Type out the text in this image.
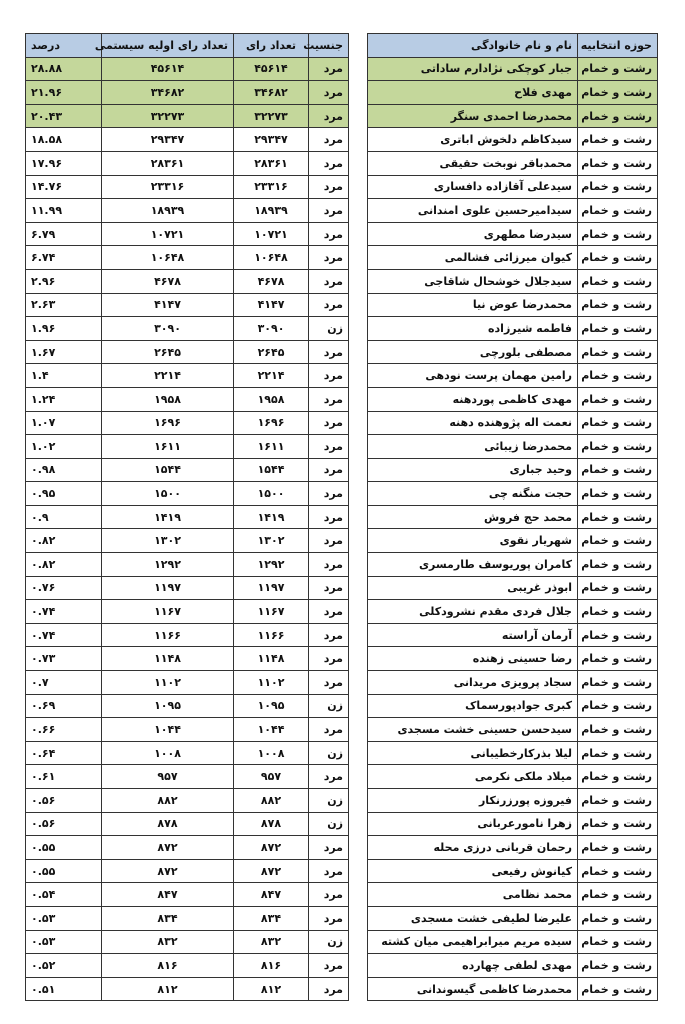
درصد	تعداد رای اولیه سیستمی	تعداد رای	جنسیت
۲۸.۸۸	۴۵۶۱۴	۴۵۶۱۴	مرد
۲۱.۹۶	۳۴۶۸۲	۳۴۶۸۲	مرد
۲۰.۴۳	۳۲۲۷۳	۳۲۲۷۳	مرد
۱۸.۵۸	۲۹۳۴۷	۲۹۳۴۷	مرد
۱۷.۹۶	۲۸۳۶۱	۲۸۳۶۱	مرد
۱۴.۷۶	۲۳۳۱۶	۲۳۳۱۶	مرد
۱۱.۹۹	۱۸۹۳۹	۱۸۹۳۹	مرد
۶.۷۹	۱۰۷۲۱	۱۰۷۲۱	مرد
۶.۷۴	۱۰۶۴۸	۱۰۶۴۸	مرد
۲.۹۶	۴۶۷۸	۴۶۷۸	مرد
۲.۶۳	۴۱۴۷	۴۱۴۷	مرد
۱.۹۶	۳۰۹۰	۳۰۹۰	زن
۱.۶۷	۲۶۴۵	۲۶۴۵	مرد
۱.۴	۲۲۱۴	۲۲۱۴	مرد
۱.۲۴	۱۹۵۸	۱۹۵۸	مرد
۱.۰۷	۱۶۹۶	۱۶۹۶	مرد
۱.۰۲	۱۶۱۱	۱۶۱۱	مرد
۰.۹۸	۱۵۴۴	۱۵۴۴	مرد
۰.۹۵	۱۵۰۰	۱۵۰۰	مرد
۰.۹	۱۴۱۹	۱۴۱۹	مرد
۰.۸۲	۱۳۰۲	۱۳۰۲	مرد
۰.۸۲	۱۲۹۲	۱۲۹۲	مرد
۰.۷۶	۱۱۹۷	۱۱۹۷	مرد
۰.۷۴	۱۱۶۷	۱۱۶۷	مرد
۰.۷۴	۱۱۶۶	۱۱۶۶	مرد
۰.۷۳	۱۱۴۸	۱۱۴۸	مرد
۰.۷	۱۱۰۲	۱۱۰۲	مرد
۰.۶۹	۱۰۹۵	۱۰۹۵	زن
۰.۶۶	۱۰۴۴	۱۰۴۴	مرد
۰.۶۴	۱۰۰۸	۱۰۰۸	زن
۰.۶۱	۹۵۷	۹۵۷	مرد
۰.۵۶	۸۸۲	۸۸۲	زن
۰.۵۶	۸۷۸	۸۷۸	زن
۰.۵۵	۸۷۲	۸۷۲	مرد
۰.۵۵	۸۷۲	۸۷۲	مرد
۰.۵۴	۸۴۷	۸۴۷	مرد
۰.۵۳	۸۳۴	۸۳۴	مرد
۰.۵۳	۸۳۲	۸۳۲	زن
۰.۵۲	۸۱۶	۸۱۶	مرد
۰.۵۱	۸۱۲	۸۱۲	مرد
نام و نام خانوادگی	حوزه انتخابیه
جبار کوچکی نژادارم ساداتی	رشت و خمام
مهدی فلاح	رشت و خمام
محمدرضا احمدی سنگر	رشت و خمام
سیدکاظم دلخوش اباتری	رشت و خمام
محمدباقر نوبخت حقیقی	رشت و خمام
سیدعلی آقازاده دافساری	رشت و خمام
سیدامیرحسین علوی امندانی	رشت و خمام
سیدرضا مطهری	رشت و خمام
کیوان میرزائی فشالمی	رشت و خمام
سیدجلال خوشحال شاقاجی	رشت و خمام
محمدرضا عوض نیا	رشت و خمام
فاطمه شیرزاده	رشت و خمام
مصطفی بلورچی	رشت و خمام
رامین مهمان پرست نودهی	رشت و خمام
مهدی کاظمی پوردهنه	رشت و خمام
نعمت اله پژوهنده دهنه	رشت و خمام
محمدرضا زیبائی	رشت و خمام
وحید جباری	رشت و خمام
حجت منگنه چی	رشت و خمام
محمد حج فروش	رشت و خمام
شهریار نقوی	رشت و خمام
کامران پوریوسف طارمسری	رشت و خمام
ابوذر غریبی	رشت و خمام
جلال فردی مقدم نشرودکلی	رشت و خمام
آرمان آراسته	رشت و خمام
رضا حسینی زهنده	رشت و خمام
سجاد پرویزی مریدانی	رشت و خمام
کبری جوادپورسماک	رشت و خمام
سیدحسن حسینی خشت مسجدی	رشت و خمام
لیلا بذرکارخطیبانی	رشت و خمام
میلاد ملکی نکرمی	رشت و خمام
فیروزه پورزرنکار	رشت و خمام
زهرا نامورعربانی	رشت و خمام
رحمان قربانی درزی محله	رشت و خمام
کیانوش رفیعی	رشت و خمام
محمد نظامی	رشت و خمام
علیرضا لطیفی خشت مسجدی	رشت و خمام
سیده مریم میرابراهیمی میان کشته	رشت و خمام
مهدی لطفی چهارده	رشت و خمام
محمدرضا کاظمی گیسوندانی	رشت و خمام
